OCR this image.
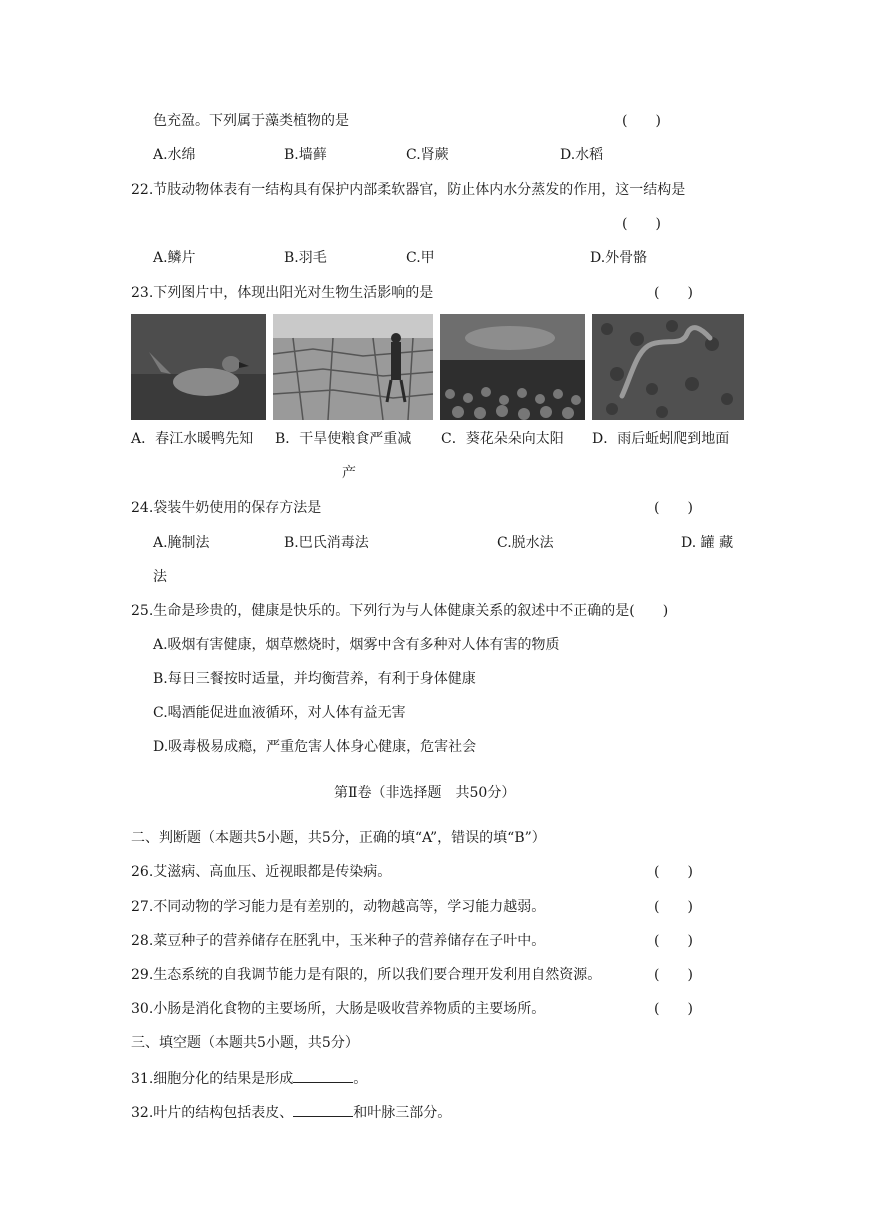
色充盈。下列属于藻类植物的是	(　　)
A.水绵	B.墙藓	C.肾蕨	D.水稻
22.节肢动物体表有一结构具有保护内部柔软器官，防止体内水分蒸发的作用，这一结构是
(　　)
A.鳞片	B.羽毛	C.甲	D.外骨骼
23.下列图片中，体现出阳光对生物生活影响的是	(　　)
A．春江水暖鸭先知 B．干旱使粮食严重减 C．葵花朵朵向太阳 D．雨后蚯蚓爬到地面
产
24.袋装牛奶使用的保存方法是	(　　)
A.腌制法	B.巴氏消毒法	C.脱水法	D. 罐 藏
法
25.生命是珍贵的，健康是快乐的。下列行为与人体健康关系的叙述中不正确的是(　　)
A.吸烟有害健康，烟草燃烧时，烟雾中含有多种对人体有害的物质
B.每日三餐按时适量，并均衡营养，有利于身体健康
C.喝酒能促进血液循环，对人体有益无害
D.吸毒极易成瘾，严重危害人体身心健康，危害社会
第Ⅱ卷（非选择题　共50分）
二、判断题（本题共5小题，共5分，正确的填“A”，错误的填“B”）
26.艾滋病、高血压、近视眼都是传染病。	(　　)
27.不同动物的学习能力是有差别的，动物越高等，学习能力越弱。	(　　)
28.菜豆种子的营养储存在胚乳中，玉米种子的营养储存在子叶中。	(　　)
29.生态系统的自我调节能力是有限的，所以我们要合理开发利用自然资源。	(　　)
30.小肠是消化食物的主要场所，大肠是吸收营养物质的主要场所。	(　　)
三、填空题（本题共5小题，共5分）
31.细胞分化的结果是形成	。
32.叶片的结构包括表皮、	和叶脉三部分。
